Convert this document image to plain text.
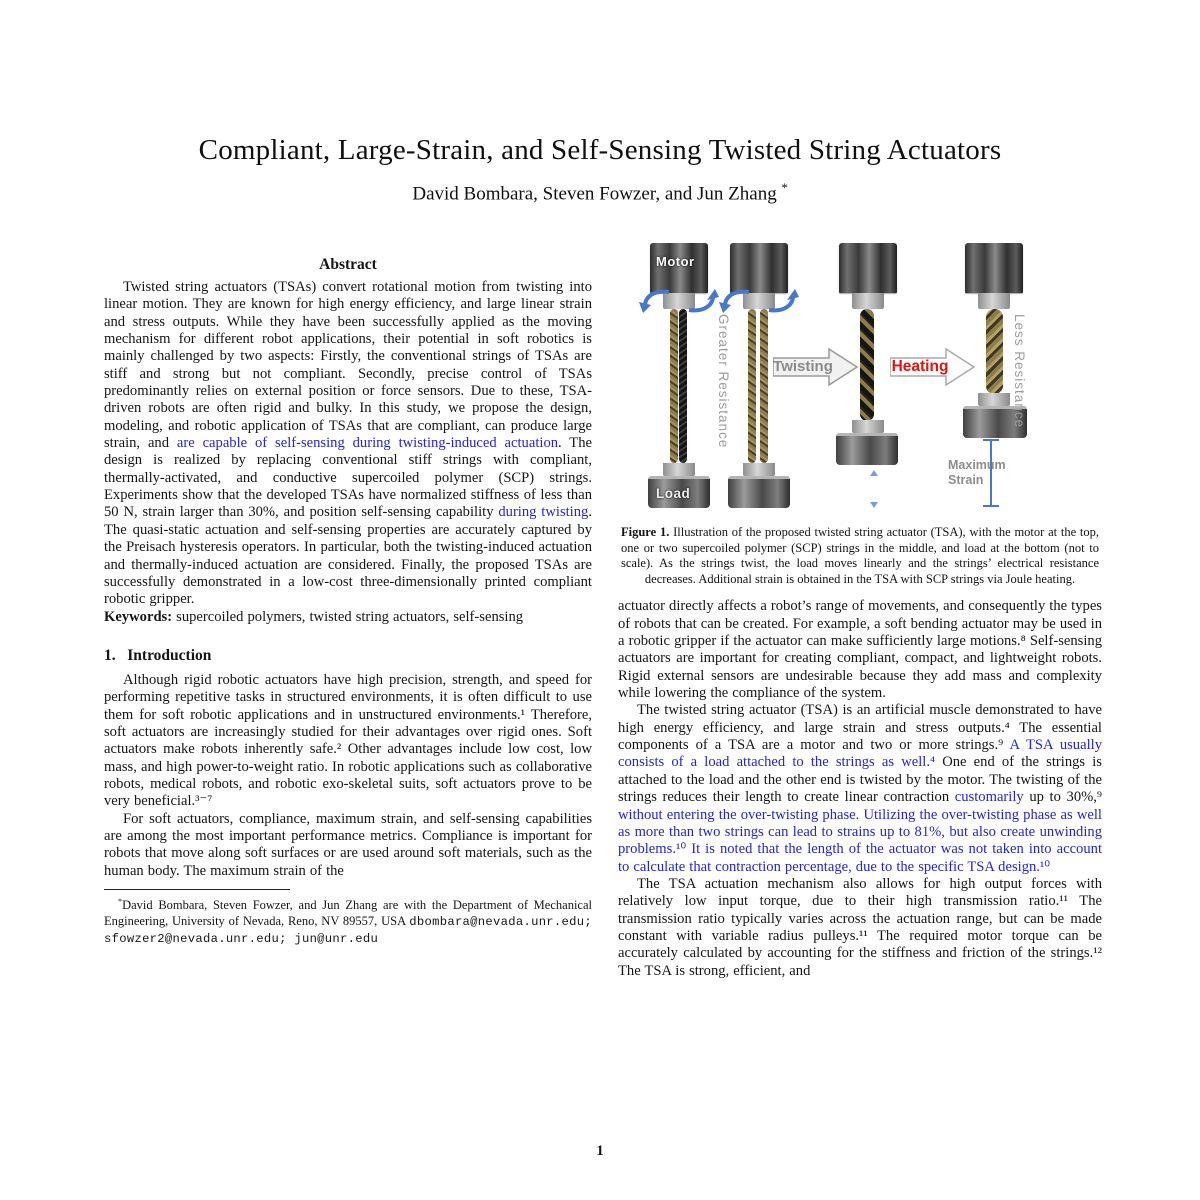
Compliant, Large-Strain, and Self-Sensing Twisted String Actuators
David Bombara, Steven Fowzer, and Jun Zhang *
Abstract

Twisted string actuators (TSAs) convert rotational motion from twisting into linear motion. They are known for high energy efficiency, and large linear strain and stress outputs. While they have been successfully applied as the moving mechanism for different robot applications, their potential in soft robotics is mainly challenged by two aspects: Firstly, the conventional strings of TSAs are stiff and strong but not compliant. Secondly, precise control of TSAs predominantly relies on external position or force sensors. Due to these, TSA-driven robots are often rigid and bulky. In this study, we propose the design, modeling, and robotic application of TSAs that are compliant, can produce large strain, and are capable of self-sensing during twisting-induced actuation. The design is realized by replacing conventional stiff strings with compliant, thermally-activated, and conductive supercoiled polymer (SCP) strings. Experiments show that the developed TSAs have normalized stiffness of less than 50 N, strain larger than 30%, and position self-sensing capability during twisting. The quasi-static actuation and self-sensing properties are accurately captured by the Preisach hysteresis operators. In particular, both the twisting-induced actuation and thermally-induced actuation are considered. Finally, the proposed TSAs are successfully demonstrated in a low-cost three-dimensionally printed compliant robotic gripper.

Keywords: supercoiled polymers, twisted string actuators, self-sensing

1.   Introduction

Although rigid robotic actuators have high precision, strength, and speed for performing repetitive tasks in structured environments, it is often difficult to use them for soft robotic applications and in unstructured environments.¹ Therefore, soft actuators are increasingly studied for their advantages over rigid ones. Soft actuators make robots inherently safe.² Other advantages include low cost, low mass, and high power-to-weight ratio. In robotic applications such as collaborative robots, medical robots, and robotic exo-skeletal suits, soft actuators prove to be very beneficial.³⁻⁷

For soft actuators, compliance, maximum strain, and self-sensing capabilities are among the most important performance metrics. Compliance is important for robots that move along soft surfaces or are used around soft materials, such as the human body. The maximum strain of the

*David Bombara, Steven Fowzer, and Jun Zhang are with the Department of Mechanical Engineering, University of Nevada, Reno, NV 89557, USA dbombara@nevada.unr.edu; sfowzer2@nevada.unr.edu; jun@unr.edu

Motor
Load
Greater Resistance	Twisting	Heating	Less Resistance
Maximum

Strain
Figure 1. Illustration of the proposed twisted string actuator (TSA), with the motor at the top, one or two supercoiled polymer (SCP) strings in the middle, and load at the bottom (not to scale). As the strings twist, the load moves linearly and the strings’ electrical resistance decreases. Additional strain is obtained in the TSA with SCP strings via Joule heating.

actuator directly affects a robot’s range of movements, and consequently the types of robots that can be created. For example, a soft bending actuator may be used in a robotic gripper if the actuator can make sufficiently large motions.⁸ Self-sensing actuators are important for creating compliant, compact, and lightweight robots. Rigid external sensors are undesirable because they add mass and complexity while lowering the compliance of the system.

The twisted string actuator (TSA) is an artificial muscle demonstrated to have high energy efficiency, and large strain and stress outputs.⁴ The essential components of a TSA are a motor and two or more strings.⁹ A TSA usually consists of a load attached to the strings as well.⁴ One end of the strings is attached to the load and the other end is twisted by the motor. The twisting of the strings reduces their length to create linear contraction customarily up to 30%,⁹ without entering the over-twisting phase. Utilizing the over-twisting phase as well as more than two strings can lead to strains up to 81%, but also create unwinding problems.¹⁰ It is noted that the length of the actuator was not taken into account to calculate that contraction percentage, due to the specific TSA design.¹⁰

The TSA actuation mechanism also allows for high output forces with relatively low input torque, due to their high transmission ratio.¹¹ The transmission ratio typically varies across the actuation range, but can be made constant with variable radius pulleys.¹¹ The required motor torque can be accurately calculated by accounting for the stiffness and friction of the strings.¹² The TSA is strong, efficient, and

1
